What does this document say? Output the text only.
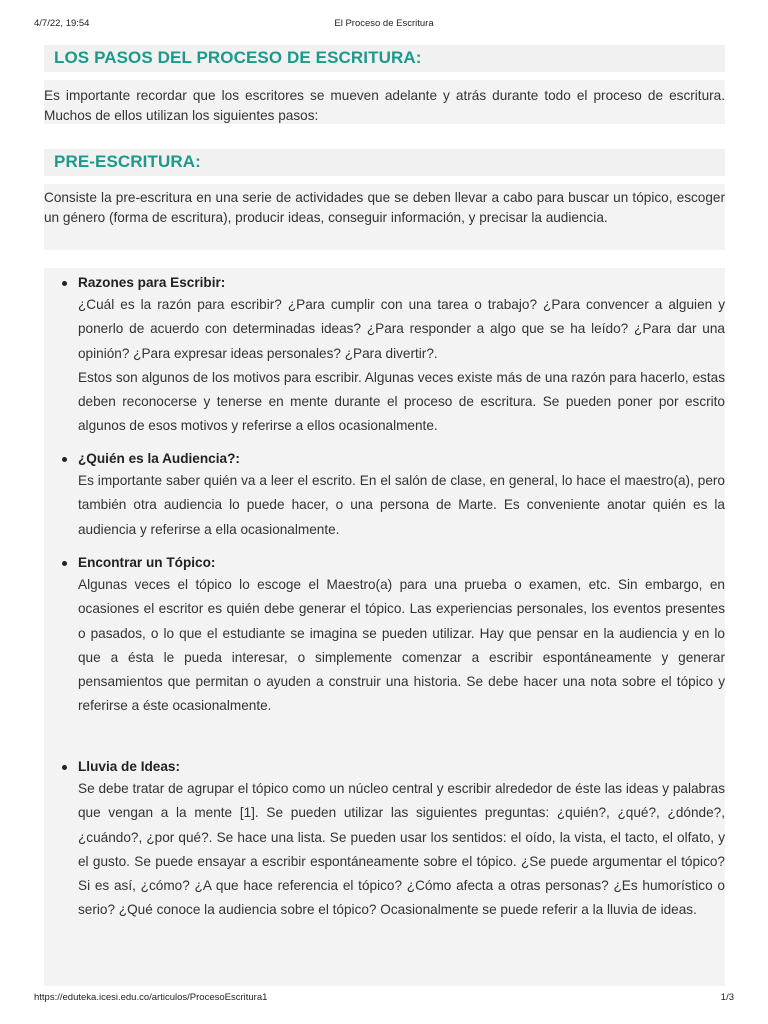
4/7/22, 19:54	El Proceso de Escritura
LOS PASOS DEL PROCESO DE ESCRITURA:

Es importante recordar que los escritores se mueven adelante y atrás durante todo el proceso de escritura. Muchos de ellos utilizan los siguientes pasos:

PRE-ESCRITURA:

Consiste la pre-escritura en una serie de actividades que se deben llevar a cabo para buscar un tópico, escoger un género (forma de escritura), producir ideas, conseguir información, y precisar la audiencia.

Razones para Escribir:

¿Cuál es la razón para escribir? ¿Para cumplir con una tarea o trabajo? ¿Para convencer a alguien y ponerlo de acuerdo con determinadas ideas? ¿Para responder a algo que se ha leído? ¿Para dar una opinión? ¿Para expresar ideas personales? ¿Para divertir?.
Estos son algunos de los motivos para escribir. Algunas veces existe más de una razón para hacerlo, estas deben reconocerse y tenerse en mente durante el proceso de escritura. Se pueden poner por escrito algunos de esos motivos y referirse a ellos ocasionalmente.

¿Quién es la Audiencia?:

Es importante saber quién va a leer el escrito. En el salón de clase, en general, lo hace el maestro(a), pero también otra audiencia lo puede hacer, o una persona de Marte. Es conveniente anotar quién es la audiencia y referirse a ella ocasionalmente.

Encontrar un Tópico:

Algunas veces el tópico lo escoge el Maestro(a) para una prueba o examen, etc. Sin embargo, en ocasiones el escritor es quién debe generar el tópico. Las experiencias personales, los eventos presentes o pasados, o lo que el estudiante se imagina se pueden utilizar. Hay que pensar en la audiencia y en lo que a ésta le pueda interesar, o simplemente comenzar a escribir espontáneamente y generar pensamientos que permitan o ayuden a construir una historia. Se debe hacer una nota sobre el tópico y referirse a éste ocasionalmente.

Lluvia de Ideas:

Se debe tratar de agrupar el tópico como un núcleo central y escribir alrededor de éste las ideas y palabras que vengan a la mente [1]. Se pueden utilizar las siguientes preguntas: ¿quién?, ¿qué?, ¿dónde?, ¿cuándo?, ¿por qué?. Se hace una lista. Se pueden usar los sentidos: el oído, la vista, el tacto, el olfato, y el gusto. Se puede ensayar a escribir espontáneamente sobre el tópico. ¿Se puede argumentar el tópico? Si es así, ¿cómo? ¿A que hace referencia el tópico? ¿Cómo afecta a otras personas? ¿Es humorístico o serio? ¿Qué conoce la audiencia sobre el tópico? Ocasionalmente se puede referir a la lluvia de ideas.

https://eduteka.icesi.edu.co/articulos/ProcesoEscritura1	1/3
